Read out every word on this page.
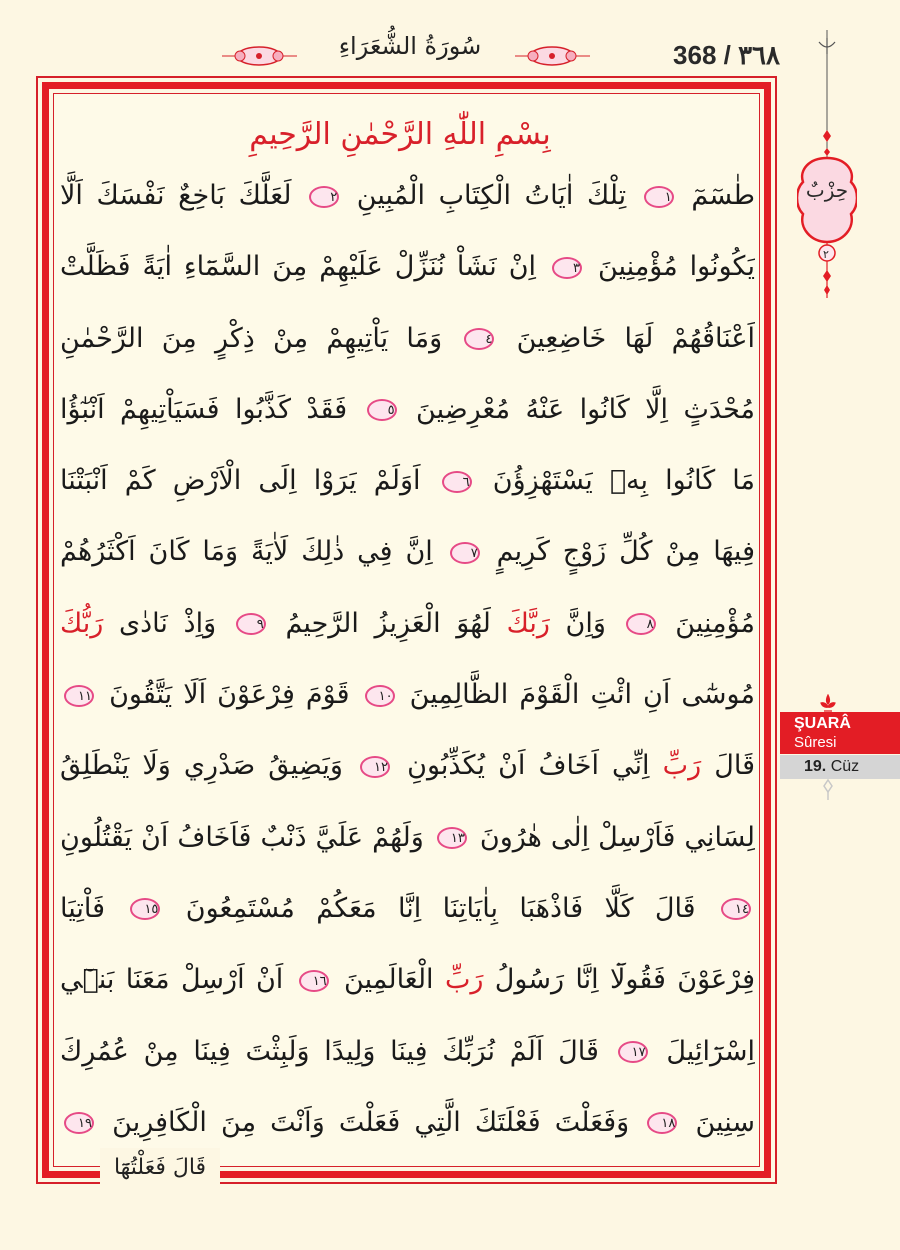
368 / ٣٦٨
سُورَةُ الشُّعَرَاءِ
بِسْمِ اللّٰهِ الرَّحْمٰنِ الرَّحِيمِ
طٰسٓمٓ ١ تِلْكَ اٰيَاتُ الْكِتَابِ الْمُبِينِ ٢ لَعَلَّكَ بَاخِعٌ نَفْسَكَ اَلَّا
يَكُونُوا مُؤْمِنِينَ ٣ اِنْ نَشَاْ نُنَزِّلْ عَلَيْهِمْ مِنَ السَّمَٓاءِ اٰيَةً فَظَلَّتْ
اَعْنَاقُهُمْ لَهَا خَاضِعِينَ ٤ وَمَا يَاْتِيهِمْ مِنْ ذِكْرٍ مِنَ الرَّحْمٰنِ
مُحْدَثٍ اِلَّا كَانُوا عَنْهُ مُعْرِضِينَ ٥ فَقَدْ كَذَّبُوا فَسَيَاْتِيهِمْ اَنْبٰٓؤُا
مَا كَانُوا بِهٖ يَسْتَهْزِؤُنَ ٦ اَوَلَمْ يَرَوْا اِلَى الْاَرْضِ كَمْ اَنْبَتْنَا
فِيهَا مِنْ كُلِّ زَوْجٍ كَرِيمٍ ٧ اِنَّ فِي ذٰلِكَ لَاٰيَةً وَمَا كَانَ اَكْثَرُهُمْ
مُؤْمِنِينَ ٨ وَاِنَّ رَبَّكَ لَهُوَ الْعَزِيزُ الرَّحِيمُ ٩ وَاِذْ نَادٰى رَبُّكَ
مُوسٰٓى اَنِ ائْتِ الْقَوْمَ الظَّالِمِينَ ١٠ قَوْمَ فِرْعَوْنَ اَلَا يَتَّقُونَ ١١
قَالَ رَبِّ اِنِّي اَخَافُ اَنْ يُكَذِّبُونِ ١٢ وَيَضِيقُ صَدْرِي وَلَا يَنْطَلِقُ
لِسَانِي فَاَرْسِلْ اِلٰى هٰرُونَ ١٣ وَلَهُمْ عَلَيَّ ذَنْبٌ فَاَخَافُ اَنْ يَقْتُلُونِ
١٤ قَالَ كَلَّا فَاذْهَبَا بِاٰيَاتِنَا اِنَّا مَعَكُمْ مُسْتَمِعُونَ ١٥ فَاْتِيَا
فِرْعَوْنَ فَقُولَٓا اِنَّا رَسُولُ رَبِّ الْعَالَمِينَ ١٦ اَنْ اَرْسِلْ مَعَنَا بَنٖٓي
اِسْرَٓائِيلَ ١٧ قَالَ اَلَمْ نُرَبِّكَ فِينَا وَلِيدًا وَلَبِثْتَ فِينَا مِنْ عُمُرِكَ
سِنِينَ ١٨ وَفَعَلْتَ فَعْلَتَكَ الَّتِي فَعَلْتَ وَاَنْتَ مِنَ الْكَافِرِينَ ١٩
قَالَ فَعَلْتُهَٓا
حِزْبٌ
٢
ŞUARÂ
Sûresi
19. Cüz
